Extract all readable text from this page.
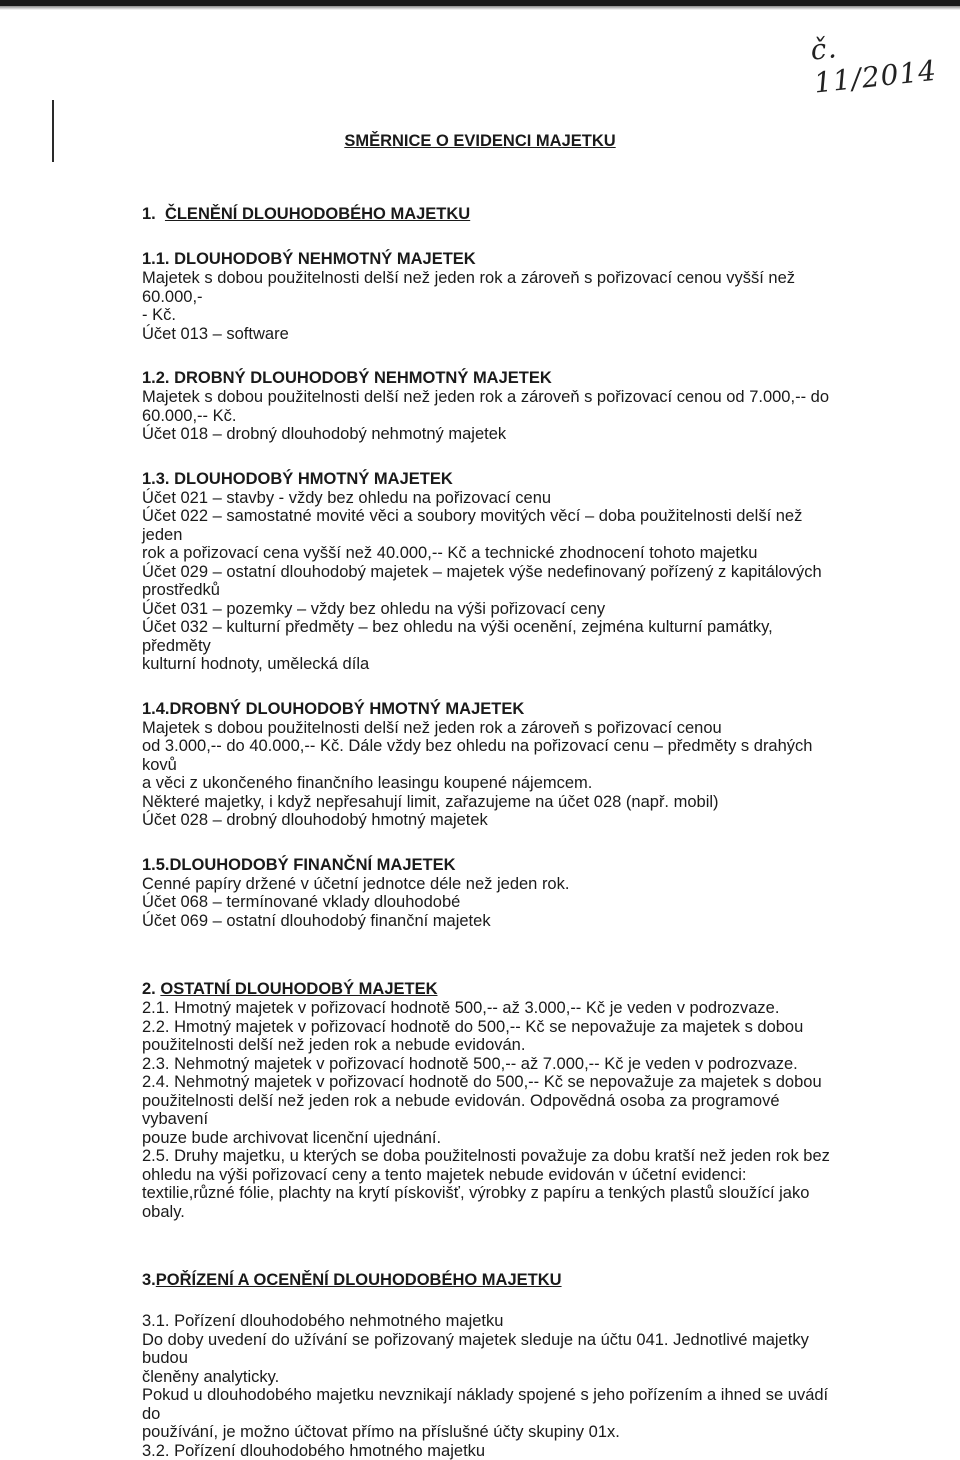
č. 11/2014
SMĚRNICE O EVIDENCI MAJETKU
1. ČLENĚNÍ DLOUHODOBÉHO MAJETKU
1.1. DLOUHODOBÝ NEHMOTNÝ MAJETEK

Majetek s dobou použitelnosti delší než jeden rok a zároveň s pořizovací cenou vyšší než 60.000,-

- Kč.

Účet 013 – software

1.2. DROBNÝ DLOUHODOBÝ NEHMOTNÝ MAJETEK

Majetek s dobou použitelnosti delší než jeden rok a zároveň s pořizovací cenou od 7.000,-- do

60.000,-- Kč.

Účet 018 – drobný dlouhodobý nehmotný majetek

1.3. DLOUHODOBÝ HMOTNÝ MAJETEK

Účet 021 – stavby - vždy bez ohledu na pořizovací cenu

Účet 022 – samostatné movité věci a soubory movitých věcí – doba použitelnosti delší než jeden

rok a pořizovací cena vyšší než 40.000,-- Kč a technické zhodnocení tohoto majetku

Účet 029 – ostatní dlouhodobý majetek – majetek výše nedefinovaný pořízený z kapitálových

prostředků

Účet 031 – pozemky – vždy bez ohledu na výši pořizovací ceny

Účet 032 – kulturní předměty – bez ohledu na výši ocenění, zejména kulturní památky, předměty

kulturní hodnoty, umělecká díla

1.4.DROBNÝ DLOUHODOBÝ HMOTNÝ MAJETEK

Majetek s dobou použitelnosti delší než jeden rok a zároveň s pořizovací cenou

od 3.000,-- do 40.000,-- Kč. Dále vždy bez ohledu na pořizovací cenu – předměty s drahých kovů

a věci z ukončeného finančního leasingu koupené nájemcem.

Některé majetky, i když nepřesahují limit, zařazujeme na účet 028 (např. mobil)

Účet 028 – drobný dlouhodobý hmotný majetek

1.5.DLOUHODOBÝ FINANČNÍ MAJETEK

Cenné papíry držené v účetní jednotce déle než jeden rok.

Účet 068 – termínované vklady dlouhodobé

Účet 069 – ostatní dlouhodobý finanční majetek

2. OSTATNÍ DLOUHODOBÝ MAJETEK

2.1. Hmotný majetek v pořizovací hodnotě 500,-- až 3.000,-- Kč je veden v podrozvaze.

2.2. Hmotný majetek v pořizovací hodnotě do 500,-- Kč se nepovažuje za majetek s dobou

použitelnosti delší než jeden rok a nebude evidován.

2.3. Nehmotný majetek v pořizovací hodnotě 500,-- až 7.000,-- Kč je veden v podrozvaze.

2.4. Nehmotný majetek v pořizovací hodnotě do 500,-- Kč se nepovažuje za majetek s dobou

použitelnosti delší než jeden rok a nebude evidován. Odpovědná osoba za programové vybavení

pouze bude archivovat licenční ujednání.

2.5. Druhy majetku, u kterých se doba použitelnosti považuje za dobu kratší než jeden rok bez

ohledu na výši pořizovací ceny a tento majetek nebude evidován v účetní evidenci:

textilie,různé fólie, plachty na krytí pískovišť, výrobky z papíru a tenkých plastů sloužící jako obaly.

3.POŘÍZENÍ A OCENĚNÍ DLOUHODOBÉHO MAJETKU

3.1. Pořízení dlouhodobého nehmotného majetku

Do doby uvedení do užívání se pořizovaný majetek sleduje na účtu 041. Jednotlivé majetky budou

členěny analyticky.

Pokud u dlouhodobého majetku nevznikají náklady spojené s jeho pořízením a ihned se uvádí do

používání, je možno účtovat přímo na příslušné účty skupiny 01x.

3.2. Pořízení dlouhodobého hmotného majetku
